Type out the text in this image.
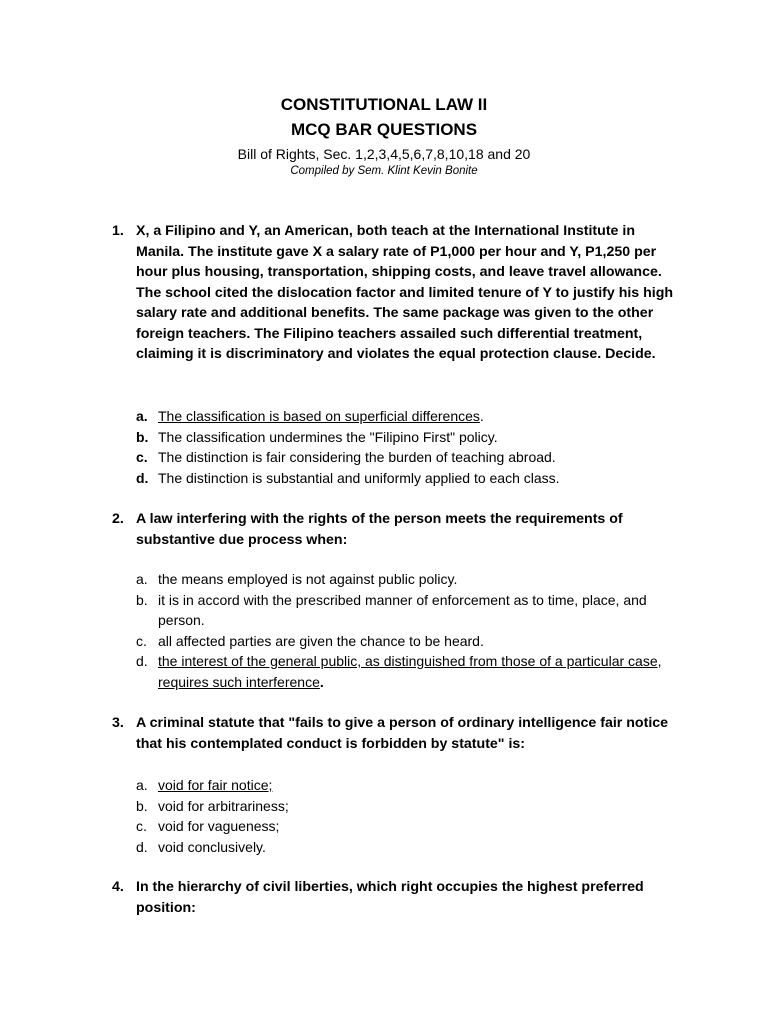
CONSTITUTIONAL LAW II
MCQ BAR QUESTIONS
Bill of Rights, Sec. 1,2,3,4,5,6,7,8,10,18 and 20
Compiled by Sem. Klint Kevin Bonite
1. X, a Filipino and Y, an American, both teach at the International Institute in Manila. The institute gave X a salary rate of P1,000 per hour and Y, P1,250 per hour plus housing, transportation, shipping costs, and leave travel allowance. The school cited the dislocation factor and limited tenure of Y to justify his high salary rate and additional benefits. The same package was given to the other foreign teachers. The Filipino teachers assailed such differential treatment, claiming it is discriminatory and violates the equal protection clause. Decide.
a. The classification is based on superficial differences.
b. The classification undermines the "Filipino First" policy.
c. The distinction is fair considering the burden of teaching abroad.
d. The distinction is substantial and uniformly applied to each class.
2. A law interfering with the rights of the person meets the requirements of substantive due process when:
a. the means employed is not against public policy.
b. it is in accord with the prescribed manner of enforcement as to time, place, and person.
c. all affected parties are given the chance to be heard.
d. the interest of the general public, as distinguished from those of a particular case, requires such interference.
3. A criminal statute that "fails to give a person of ordinary intelligence fair notice that his contemplated conduct is forbidden by statute" is:
a. void for fair notice;
b. void for arbitrariness;
c. void for vagueness;
d. void conclusively.
4. In the hierarchy of civil liberties, which right occupies the highest preferred position:
